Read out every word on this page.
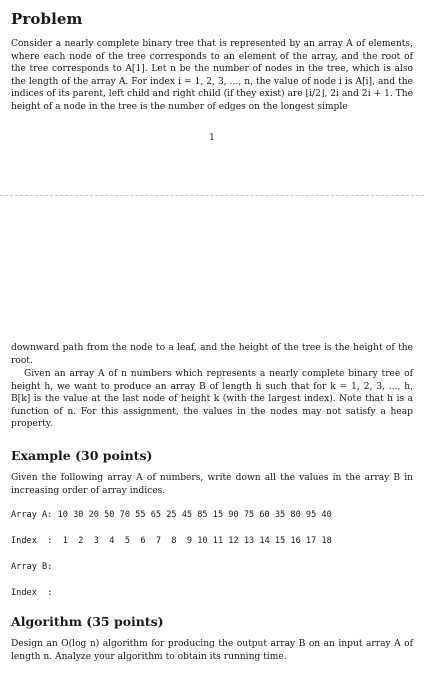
Problem
Consider a nearly complete binary tree that is represented by an array A of elements, where each node of the tree corresponds to an element of the array, and the root of the tree corresponds to A[1]. Let n be the number of nodes in the tree, which is also the length of the array A. For index i = 1, 2, 3, ..., n, the value of node i is A[i], and the indices of its parent, left child and right child (if they exist) are ⌊i/2⌋, 2i and 2i + 1. The height of a node in the tree is the number of edges on the longest simple
1
downward path from the node to a leaf, and the height of the tree is the height of the root.
Given an array A of n numbers which represents a nearly complete binary tree of height h, we want to produce an array B of length h such that for k = 1, 2, 3, ..., h, B[k] is the value at the last node of height k (with the largest index). Note that h is a function of n. For this assignment, the values in the nodes may not satisfy a heap property.
Example (30 points)
Given the following array A of numbers, write down all the values in the array B in increasing order of array indices.
Array A: 10 30 20 50 70 55 65 25 45 85 15 90 75 60 35 80 95 40
Index  :  1  2  3  4  5  6  7  8  9 10 11 12 13 14 15 16 17 18
Array B:
Index  :
Algorithm (35 points)
Design an O(log n) algorithm for producing the output array B on an input array A of length n. Analyze your algorithm to obtain its running time.
